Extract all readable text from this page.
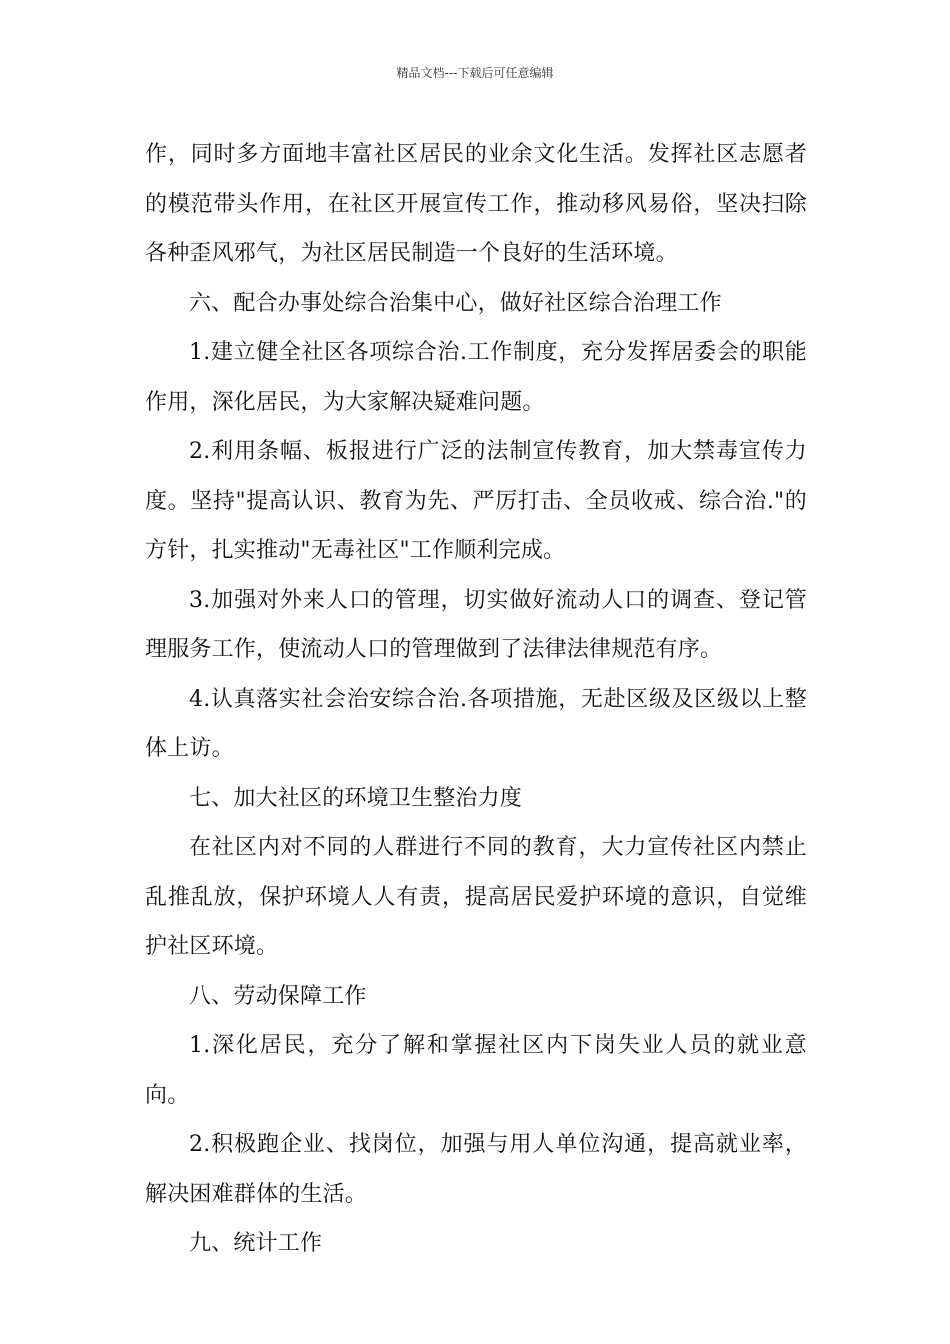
精品文档---下载后可任意编辑

作，同时多方面地丰富社区居民的业余文化生活。发挥社区志愿者的模范带头作用，在社区开展宣传工作，推动移风易俗，坚决扫除各种歪风邪气，为社区居民制造一个良好的生活环境。

六、配合办事处综合治集中心，做好社区综合治理工作

1.建立健全社区各项综合治.工作制度，充分发挥居委会的职能作用，深化居民，为大家解决疑难问题。

2.利用条幅、板报进行广泛的法制宣传教育，加大禁毒宣传力度。坚持"提高认识、教育为先、严厉打击、全员收戒、综合治."的方针，扎实推动"无毒社区"工作顺利完成。

3.加强对外来人口的管理，切实做好流动人口的调查、登记管理服务工作，使流动人口的管理做到了法律法律规范有序。

4.认真落实社会治安综合治.各项措施，无赴区级及区级以上整体上访。

七、加大社区的环境卫生整治力度

在社区内对不同的人群进行不同的教育，大力宣传社区内禁止乱推乱放，保护环境人人有责，提高居民爱护环境的意识，自觉维护社区环境。

八、劳动保障工作

1.深化居民，充分了解和掌握社区内下岗失业人员的就业意向。

2.积极跑企业、找岗位，加强与用人单位沟通，提高就业率，解决困难群体的生活。

九、统计工作
